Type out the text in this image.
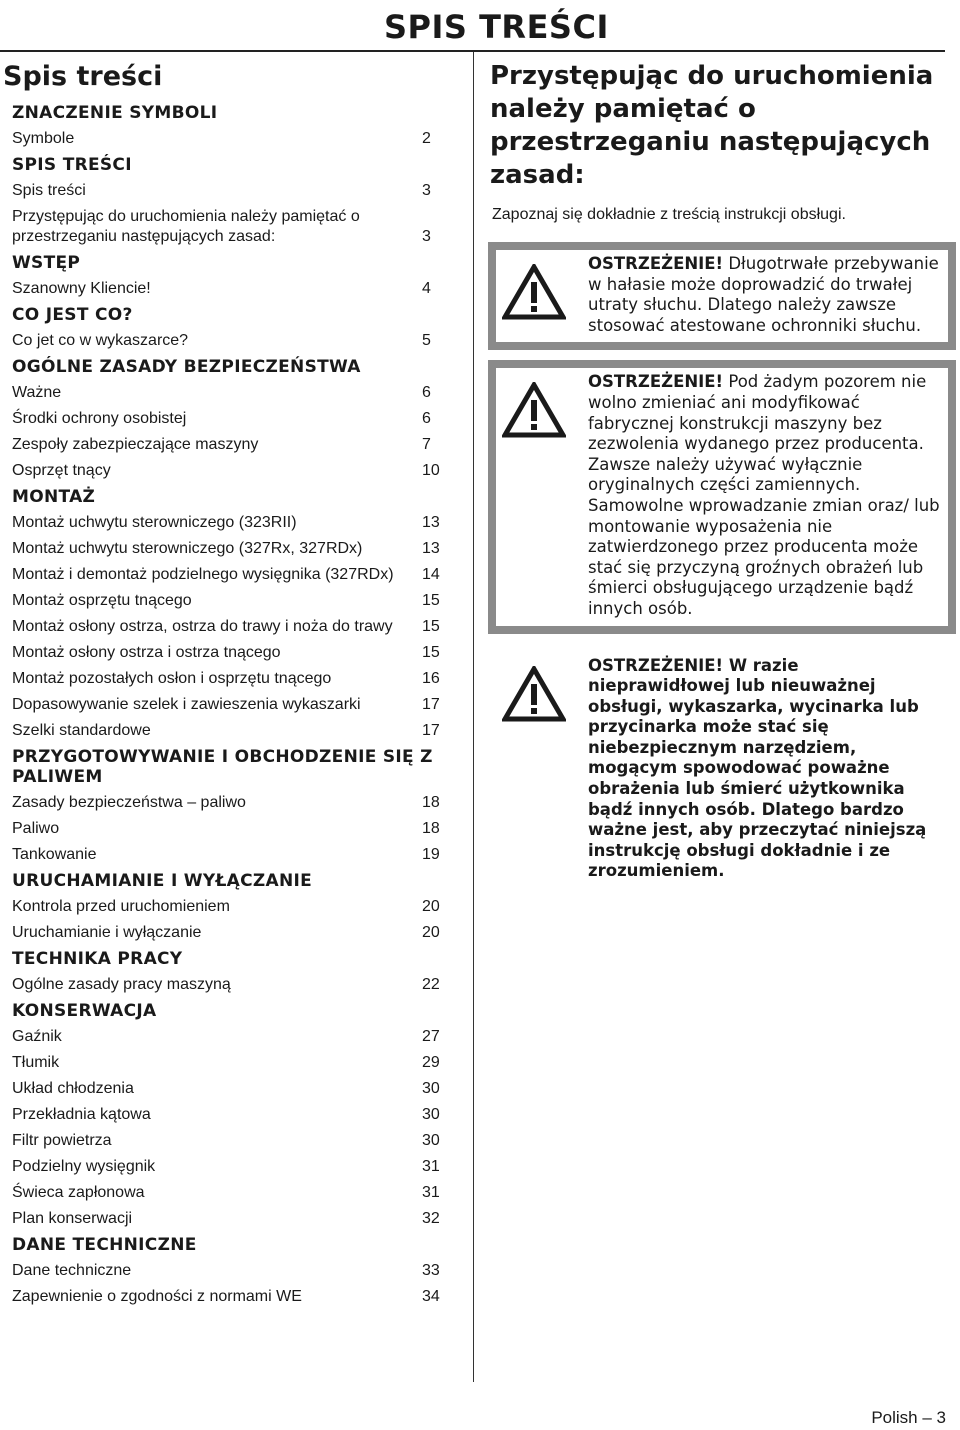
SPIS TREŚCI
Spis treści
ZNACZENIE SYMBOLI
Symbole	2
SPIS TREŚCI
Spis treści	3
Przystępując do uruchomienia należy pamiętać o przestrzeganiu następujących zasad:	3
WSTĘP
Szanowny Kliencie!	4
CO JEST CO?
Co jet co w wykaszarce?	5
OGÓLNE ZASADY BEZPIECZEŃSTWA
Ważne	6
Środki ochrony osobistej	6
Zespoły zabezpieczające maszyny	7
Osprzęt tnący	10
MONTAŻ
Montaż uchwytu sterowniczego (323RII)	13
Montaż uchwytu sterowniczego (327Rx, 327RDx)	13
Montaż i demontaż podzielnego wysięgnika (327RDx)	14
Montaż osprzętu tnącego	15
Montaż osłony ostrza, ostrza do trawy i noża do trawy	15
Montaż osłony ostrza i ostrza tnącego	15
Montaż pozostałych osłon i osprzętu tnącego	16
Dopasowywanie szelek i zawieszenia wykaszarki	17
Szelki standardowe	17
PRZYGOTOWYWANIE I OBCHODZENIE SIĘ Z PALIWEM
Zasady bezpieczeństwa – paliwo	18
Paliwo	18
Tankowanie	19
URUCHAMIANIE I WYŁĄCZANIE
Kontrola przed uruchomieniem	20
Uruchamianie i wyłączanie	20
TECHNIKA PRACY
Ogólne zasady pracy maszyną	22
KONSERWACJA
Gaźnik	27
Tłumik	29
Układ chłodzenia	30
Przekładnia kątowa	30
Filtr powietrza	30
Podzielny wysięgnik	31
Świeca zapłonowa	31
Plan konserwacji	32
DANE TECHNICZNE
Dane techniczne	33
Zapewnienie o zgodności z normami WE	34
Przystępując do uruchomienia należy pamiętać o przestrzeganiu następujących zasad:
Zapoznaj się dokładnie z treścią instrukcji obsługi.
OSTRZEŻENIE! Długotrwałe przebywanie w hałasie może doprowadzić do trwałej utraty słuchu. Dlatego należy zawsze stosować atestowane ochronniki słuchu.
OSTRZEŻENIE! Pod żadym pozorem nie wolno zmieniać ani modyfikować fabrycznej konstrukcji maszyny bez zezwolenia wydanego przez producenta. Zawsze należy używać wyłącznie oryginalnych części zamiennych. Samowolne wprowadzanie zmian oraz/ lub montowanie wyposażenia nie zatwierdzonego przez producenta może stać się przyczyną groźnych obrażeń lub śmierci obsługującego urządzenie bądź innych osób.
OSTRZEŻENIE! W razie nieprawidłowej lub nieuważnej obsługi, wykaszarka, wycinarka lub przycinarka może stać się niebezpiecznym narzędziem, mogącym spowodować poważne obrażenia lub śmierć użytkownika bądź innych osób. Dlatego bardzo ważne jest, aby przeczytać niniejszą instrukcję obsługi dokładnie i ze zrozumieniem.
Polish – 3
